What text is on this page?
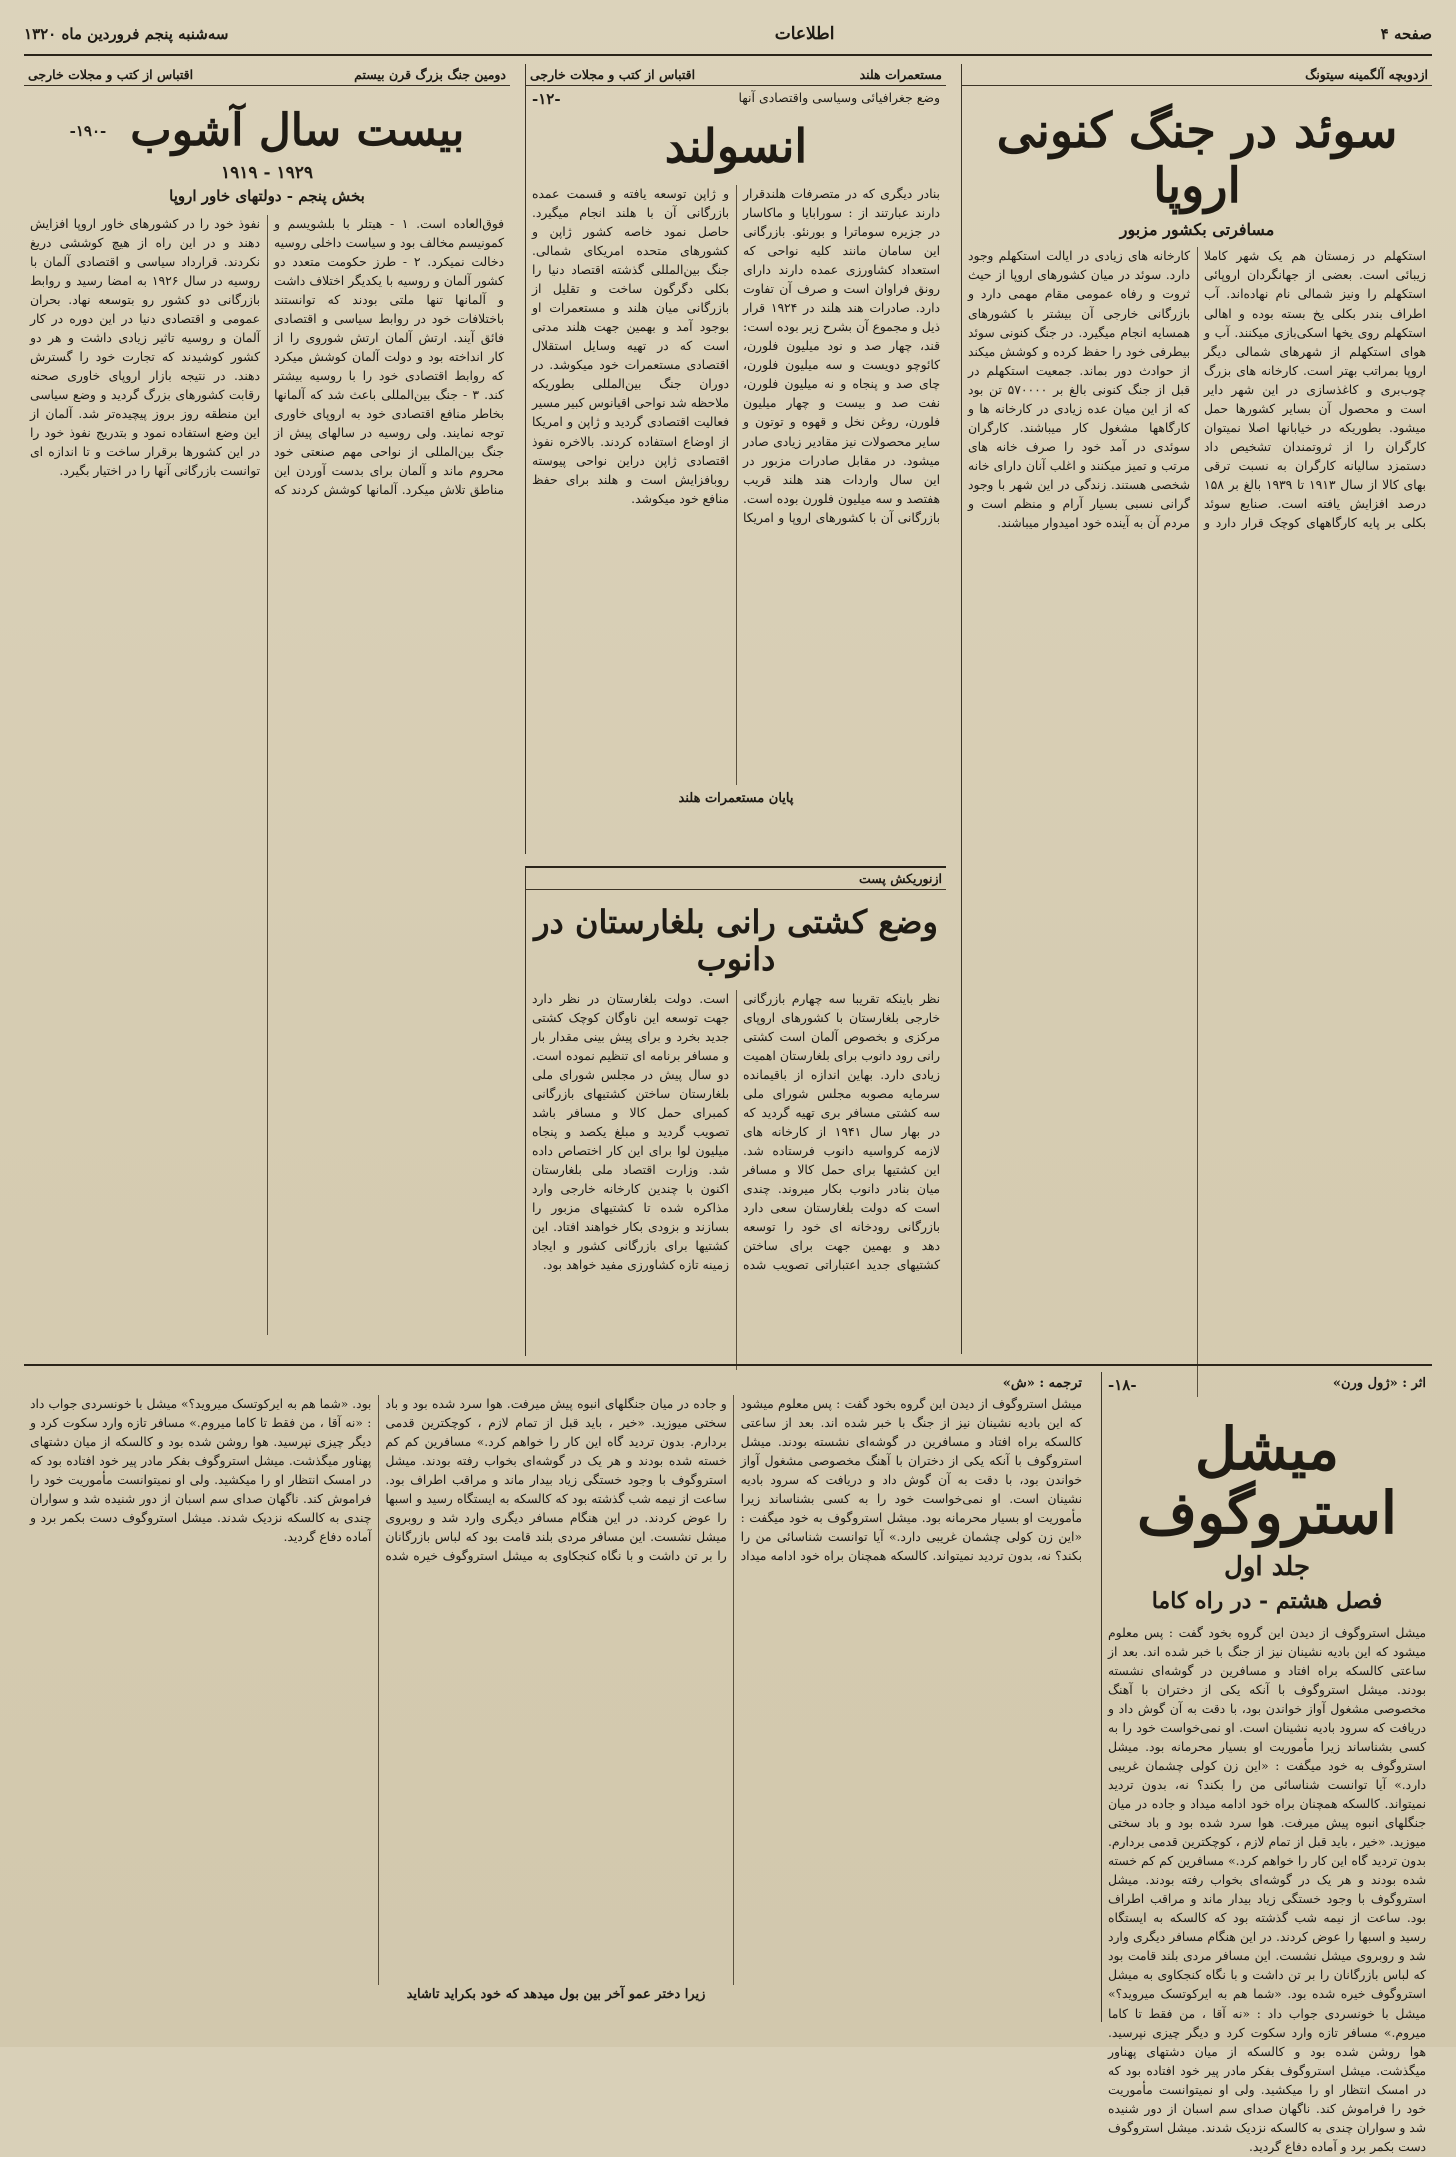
صفحه ۴
اطلاعات
سه‌شنبه پنجم فروردین ماه ۱۳۲۰
ازدوبچه آلگمینه سیتونگ
سوئد در جنگ کنونی اروپا
مسافرتی بکشور مزبور
استکهلم در زمستان هم یک شهر کاملا زیبائی است. بعضی از جهانگردان اروپائی استکهلم را ونیز شمالی نام نهاده‌اند. آب اطراف بندر بکلی یخ بسته بوده و اهالی استکهلم روی یخها اسکی‌بازی میکنند. آب و هوای استکهلم از شهرهای شمالی دیگر اروپا بمراتب بهتر است. کارخانه های بزرگ چوب‌بری و کاغذسازی در این شهر دایر است و محصول آن بسایر کشورها حمل میشود. بطوریکه در خیابانها اصلا نمیتوان کارگران را از ثروتمندان تشخیص داد دستمزد سالیانه کارگران به نسبت ترقی بهای کالا از سال ۱۹۱۳ تا ۱۹۳۹ بالغ بر ۱۵۸ درصد افزایش یافته است. صنایع سوئد بکلی بر پایه کارگاههای کوچک قرار دارد و کارخانه های زیادی در ایالت استکهلم وجود دارد. سوئد در میان کشورهای اروپا از حیث ثروت و رفاه عمومی مقام مهمی دارد و بازرگانی خارجی آن بیشتر با کشورهای همسایه انجام میگیرد. در جنگ کنونی سوئد بیطرفی خود را حفظ کرده و کوشش میکند از حوادث دور بماند. جمعیت استکهلم در قبل از جنگ کنونی بالغ بر ۵۷۰۰۰۰ تن بود که از این میان عده زیادی در کارخانه ها و کارگاهها مشغول کار میباشند. کارگران سوئدی در آمد خود را صرف خانه های مرتب و تمیز میکنند و اغلب آنان دارای خانه شخصی هستند. زندگی در این شهر با وجود گرانی نسبی بسیار آرام و منظم است و مردم آن به آینده خود امیدوار میباشند.
مستعمرات هلند
اقتباس از کتب و مجلات خارجی
وضع جغرافیائی وسیاسی واقتصادی آنها
-۱۲-
انسولند
بنادر دیگری که در متصرفات هلندقرار دارند عبارتند از : سورابایا و ماکاسار در جزیره سوماترا و بورنئو. بازرگانی این سامان مانند کلیه نواحی که استعداد کشاورزی عمده دارند دارای رونق فراوان است و صرف آن تفاوت دارد. صادرات هند هلند در ۱۹۲۴ قرار ذیل و مجموع آن بشرح زیر بوده است: قند، چهار صد و نود میلیون فلورن، کائوچو دویست و سه میلیون فلورن، چای صد و پنجاه و نه میلیون فلورن، نفت صد و بیست و چهار میلیون فلورن، روغن نخل و قهوه و توتون و سایر محصولات نیز مقادیر زیادی صادر میشود. در مقابل صادرات مزبور در این سال واردات هند هلند قریب هفتصد و سه میلیون فلورن بوده است. بازرگانی آن با کشورهای اروپا و امریکا و ژاپن توسعه یافته و قسمت عمده بازرگانی آن با هلند انجام میگیرد. حاصل نمود خاصه کشور ژاپن و کشورهای متحده امریکای شمالی. جنگ بین‌المللی گذشته اقتصاد دنیا را بکلی دگرگون ساخت و تقلیل از بازرگانی میان هلند و مستعمرات او بوجود آمد و بهمین جهت هلند مدتی است که در تهیه وسایل استقلال اقتصادی مستعمرات خود میکوشد. در دوران جنگ بین‌المللی بطوریکه ملاحظه شد نواحی اقیانوس کبیر مسیر فعالیت اقتصادی گردید و ژاپن و امریکا از اوضاع استفاده کردند. بالاخره نفوذ اقتصادی ژاپن دراین نواحی پیوسته روبافزایش است و هلند برای حفظ منافع خود میکوشد.
پایان مستعمرات هلند
ازنوریکش پست
وضع کشتی رانی بلغارستان در دانوب
نظر باینکه تقریبا سه چهارم بازرگانی خارجی بلغارستان با کشورهای اروپای مرکزی و بخصوص آلمان است کشتی رانی رود دانوب برای بلغارستان اهمیت زیادی دارد. بهاین اندازه از باقیمانده سرمایه مصوبه مجلس شورای ملی سه کشتی مسافر بری تهیه گردید که در بهار سال ۱۹۴۱ از کارخانه های لازمه کرواسیه دانوب فرستاده شد. این کشتیها برای حمل کالا و مسافر میان بنادر دانوب بکار میروند. چندی است که دولت بلغارستان سعی دارد بازرگانی رودخانه ای خود را توسعه دهد و بهمین جهت برای ساختن کشتیهای جدید اعتباراتی تصویب شده است. دولت بلغارستان در نظر دارد جهت توسعه این ناوگان کوچک کشتی جدید بخرد و برای پیش بینی مقدار بار و مسافر برنامه ای تنظیم نموده است. دو سال پیش در مجلس شورای ملی بلغارستان ساختن کشتیهای بازرگانی کمبرای حمل کالا و مسافر باشد تصویب گردید و مبلغ یکصد و پنجاه میلیون لوا برای این کار اختصاص داده شد. وزارت اقتصاد ملی بلغارستان اکنون با چندین کارخانه خارجی وارد مذاکره شده تا کشتیهای مزبور را بسازند و بزودی بکار خواهند افتاد. این کشتیها برای بازرگانی کشور و ایجاد زمینه تازه کشاورزی مفید خواهد بود.
دومین جنگ بزرگ قرن بیستم
اقتباس از کتب و مجلات خارجی
بیست سال آشوب
-۱۹۰-
۱۹۲۹ - ۱۹۱۹
بخش پنجم - دولتهای خاور اروپا
فوق‌العاده است. ۱ - هیتلر با بلشویسم و کمونیسم مخالف بود و سیاست داخلی روسیه دخالت نمیکرد. ۲ - طرز حکومت متعدد دو کشور آلمان و روسیه با یکدیگر اختلاف داشت و آلمانها تنها ملتی بودند که توانستند باختلافات خود در روابط سیاسی و اقتصادی فائق آیند. ارتش آلمان ارتش شوروی را از کار انداخته بود و دولت آلمان کوشش میکرد که روابط اقتصادی خود را با روسیه بیشتر کند. ۳ - جنگ بین‌المللی باعث شد که آلمانها بخاطر منافع اقتصادی خود به اروپای خاوری توجه نمایند. ولی روسیه در سالهای پیش از جنگ بین‌المللی از نواحی مهم صنعتی خود محروم ماند و آلمان برای بدست آوردن این مناطق تلاش میکرد. آلمانها کوشش کردند که نفوذ خود را در کشورهای خاور اروپا افزایش دهند و در این راه از هیچ کوششی دریغ نکردند. قرارداد سیاسی و اقتصادی آلمان با روسیه در سال ۱۹۲۶ به امضا رسید و روابط بازرگانی دو کشور رو بتوسعه نهاد. بحران عمومی و اقتصادی دنیا در این دوره در کار آلمان و روسیه تاثیر زیادی داشت و هر دو کشور کوشیدند که تجارت خود را گسترش دهند. در نتیجه بازار اروپای خاوری صحنه رقابت کشورهای بزرگ گردید و وضع سیاسی این منطقه روز بروز پیچیده‌تر شد. آلمان از این وضع استفاده نمود و بتدریج نفوذ خود را در این کشورها برقرار ساخت و تا اندازه ای توانست بازرگانی آنها را در اختیار بگیرد.
اثر : «ژول ورن»
-۱۸-
میشل استروگوف
جلد اول
فصل هشتم - در راه کاما
میشل استروگوف از دیدن این گروه بخود گفت : پس معلوم میشود که این بادیه نشینان نیز از جنگ با خبر شده اند. بعد از ساعتی کالسکه براه افتاد و مسافرین در گوشه‌ای نشسته بودند. میشل استروگوف با آنکه یکی از دختران با آهنگ مخصوصی مشغول آواز خواندن بود، با دقت به آن گوش داد و دریافت که سرود بادیه نشینان است. او نمی‌خواست خود را به کسی بشناساند زیرا مأموریت او بسیار محرمانه بود. میشل استروگوف به خود میگفت : «این زن کولی چشمان غریبی دارد.» آیا توانست شناسائی من را بکند؟ نه، بدون تردید نمیتواند. کالسکه همچنان براه خود ادامه میداد و جاده در میان جنگلهای انبوه پیش میرفت. هوا سرد شده بود و باد سختی میوزید. «خیر ، باید قبل از تمام لازم ، کوچکترین قدمی بردارم. بدون تردید گاه این کار را خواهم کرد.» مسافرین کم کم خسته شده بودند و هر یک در گوشه‌ای بخواب رفته بودند. میشل استروگوف با وجود خستگی زیاد بیدار ماند و مراقب اطراف بود. ساعت از نیمه شب گذشته بود که کالسکه به ایستگاه رسید و اسبها را عوض کردند. در این هنگام مسافر دیگری وارد شد و روبروی میشل نشست. این مسافر مردی بلند قامت بود که لباس بازرگانان را بر تن داشت و با نگاه کنجکاوی به میشل استروگوف خیره شده بود. «شما هم به ایرکوتسک میروید؟» میشل با خونسردی جواب داد : «نه آقا ، من فقط تا کاما میروم.» مسافر تازه وارد سکوت کرد و دیگر چیزی نپرسید. هوا روشن شده بود و کالسکه از میان دشتهای پهناور میگذشت. میشل استروگوف بفکر مادر پیر خود افتاده بود که در امسک انتظار او را میکشید. ولی او نمیتوانست مأموریت خود را فراموش کند. ناگهان صدای سم اسبان از دور شنیده شد و سواران چندی به کالسکه نزدیک شدند. میشل استروگوف دست بکمر برد و آماده دفاع گردید.
ترجمه : «ش»
میشل استروگوف از دیدن این گروه بخود گفت : پس معلوم میشود که این بادیه نشینان نیز از جنگ با خبر شده اند. بعد از ساعتی کالسکه براه افتاد و مسافرین در گوشه‌ای نشسته بودند. میشل استروگوف با آنکه یکی از دختران با آهنگ مخصوصی مشغول آواز خواندن بود، با دقت به آن گوش داد و دریافت که سرود بادیه نشینان است. او نمی‌خواست خود را به کسی بشناساند زیرا مأموریت او بسیار محرمانه بود. میشل استروگوف به خود میگفت : «این زن کولی چشمان غریبی دارد.» آیا توانست شناسائی من را بکند؟ نه، بدون تردید نمیتواند. کالسکه همچنان براه خود ادامه میداد و جاده در میان جنگلهای انبوه پیش میرفت. هوا سرد شده بود و باد سختی میوزید. «خیر ، باید قبل از تمام لازم ، کوچکترین قدمی بردارم. بدون تردید گاه این کار را خواهم کرد.» مسافرین کم کم خسته شده بودند و هر یک در گوشه‌ای بخواب رفته بودند. میشل استروگوف با وجود خستگی زیاد بیدار ماند و مراقب اطراف بود. ساعت از نیمه شب گذشته بود که کالسکه به ایستگاه رسید و اسبها را عوض کردند. در این هنگام مسافر دیگری وارد شد و روبروی میشل نشست. این مسافر مردی بلند قامت بود که لباس بازرگانان را بر تن داشت و با نگاه کنجکاوی به میشل استروگوف خیره شده بود. «شما هم به ایرکوتسک میروید؟» میشل با خونسردی جواب داد : «نه آقا ، من فقط تا کاما میروم.» مسافر تازه وارد سکوت کرد و دیگر چیزی نپرسید. هوا روشن شده بود و کالسکه از میان دشتهای پهناور میگذشت. میشل استروگوف بفکر مادر پیر خود افتاده بود که در امسک انتظار او را میکشید. ولی او نمیتوانست مأموریت خود را فراموش کند. ناگهان صدای سم اسبان از دور شنیده شد و سواران چندی به کالسکه نزدیک شدند. میشل استروگوف دست بکمر برد و آماده دفاع گردید.
زیرا دختر عمو آخر بین بول میدهد که خود بکراید تاشاید
